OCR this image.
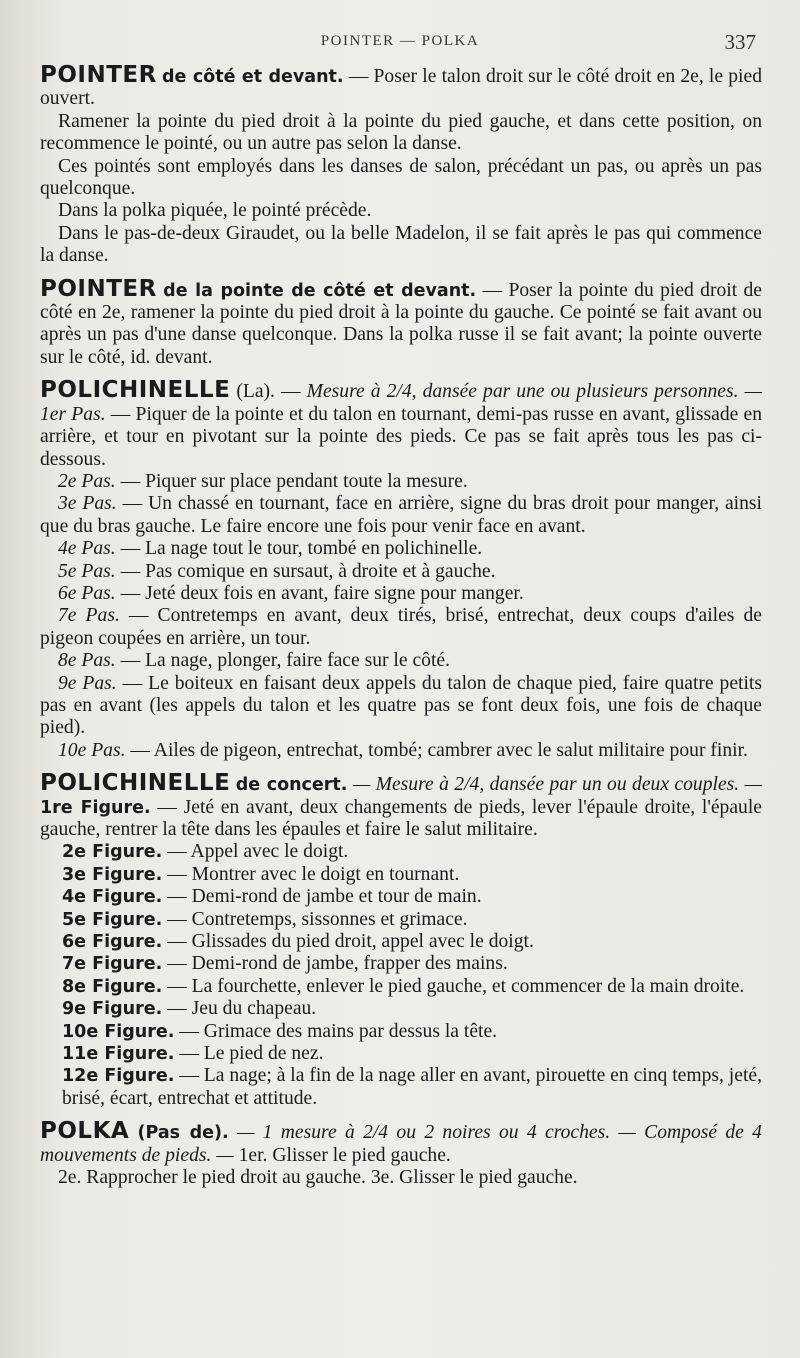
POINTER — POLKA	337

POINTER de côté et devant. — Poser le talon droit sur le côté droit en 2e, le pied ouvert.

Ramener la pointe du pied droit à la pointe du pied gauche, et dans cette position, on recommence le pointé, ou un autre pas selon la danse.

Ces pointés sont employés dans les danses de salon, précédant un pas, ou après un pas quelconque.

Dans la polka piquée, le pointé précède.

Dans le pas-de-deux Giraudet, ou la belle Madelon, il se fait après le pas qui commence la danse.

POINTER de la pointe de côté et devant. — Poser la pointe du pied droit de côté en 2e, ramener la pointe du pied droit à la pointe du gauche. Ce pointé se fait avant ou après un pas d'une danse quelconque. Dans la polka russe il se fait avant; la pointe ouverte sur le côté, id. devant.

POLICHINELLE (La). — Mesure à 2/4, dansée par une ou plusieurs personnes. — 1er Pas. — Piquer de la pointe et du talon en tournant, demi-pas russe en avant, glissade en arrière, et tour en pivotant sur la pointe des pieds. Ce pas se fait après tous les pas ci-dessous.

2e Pas. — Piquer sur place pendant toute la mesure.

3e Pas. — Un chassé en tournant, face en arrière, signe du bras droit pour manger, ainsi que du bras gauche. Le faire encore une fois pour venir face en avant.

4e Pas. — La nage tout le tour, tombé en polichinelle.

5e Pas. — Pas comique en sursaut, à droite et à gauche.

6e Pas. — Jeté deux fois en avant, faire signe pour manger.

7e Pas. — Contretemps en avant, deux tirés, brisé, entrechat, deux coups d'ailes de pigeon coupées en arrière, un tour.

8e Pas. — La nage, plonger, faire face sur le côté.

9e Pas. — Le boiteux en faisant deux appels du talon de chaque pied, faire quatre petits pas en avant (les appels du talon et les quatre pas se font deux fois, une fois de chaque pied).

10e Pas. — Ailes de pigeon, entrechat, tombé; cambrer avec le salut militaire pour finir.

POLICHINELLE de concert. — Mesure à 2/4, dansée par un ou deux couples. — 1re Figure. — Jeté en avant, deux changements de pieds, lever l'épaule droite, l'épaule gauche, rentrer la tête dans les épaules et faire le salut militaire.

2e Figure. — Appel avec le doigt.

3e Figure. — Montrer avec le doigt en tournant.

4e Figure. — Demi-rond de jambe et tour de main.

5e Figure. — Contretemps, sissonnes et grimace.

6e Figure. — Glissades du pied droit, appel avec le doigt.

7e Figure. — Demi-rond de jambe, frapper des mains.

8e Figure. — La fourchette, enlever le pied gauche, et commencer de la main droite.

9e Figure. — Jeu du chapeau.

10e Figure. — Grimace des mains par dessus la tête.

11e Figure. — Le pied de nez.

12e Figure. — La nage; à la fin de la nage aller en avant, pirouette en cinq temps, jeté, brisé, écart, entrechat et attitude.

POLKA (Pas de). — 1 mesure à 2/4 ou 2 noires ou 4 croches. — Composé de 4 mouvements de pieds. — 1er. Glisser le pied gauche.

2e. Rapprocher le pied droit au gauche. 3e. Glisser le pied gauche.
